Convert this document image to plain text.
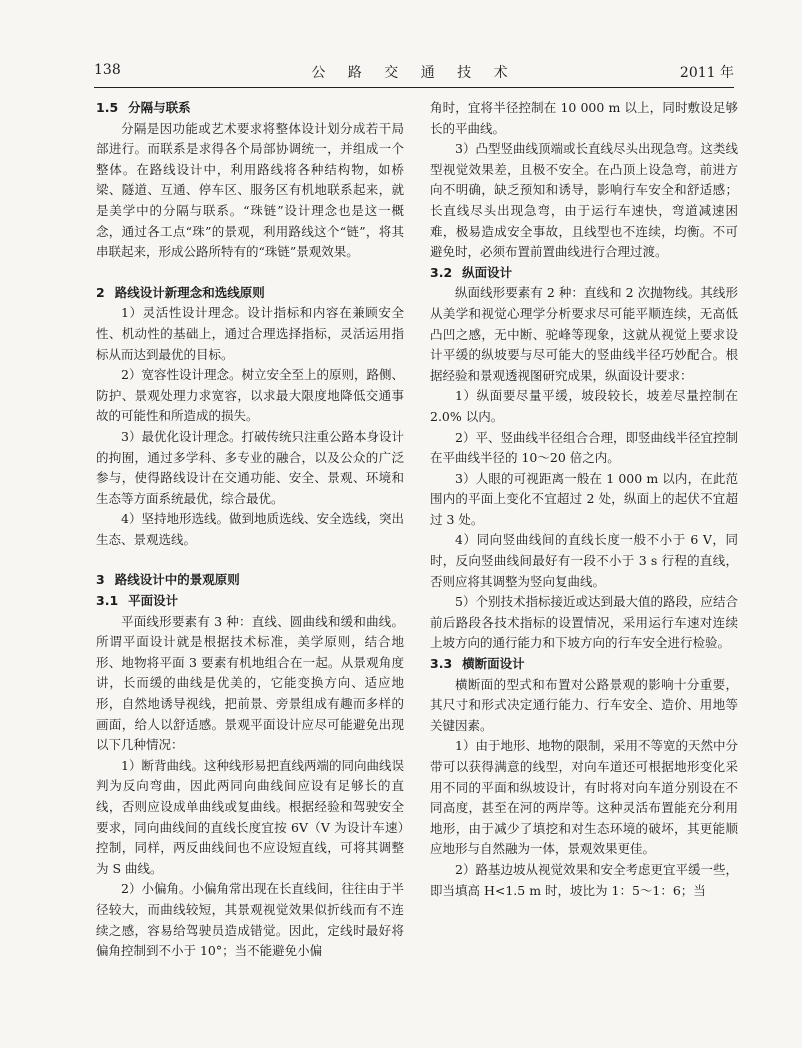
138	公 路 交 通 技 术	2011 年
1.5 分隔与联系

分隔是因功能或艺术要求将整体设计划分成若干局部进行。而联系是求得各个局部协调统一，并组成一个整体。在路线设计中，利用路线将各种结构物，如桥梁、隧道、互通、停车区、服务区有机地联系起来，就是美学中的分隔与联系。“珠链”设计理念也是这一概念，通过各工点“珠”的景观，利用路线这个“链”，将其串联起来，形成公路所特有的“珠链”景观效果。

2 路线设计新理念和选线原则

1）灵活性设计理念。设计指标和内容在兼顾安全性、机动性的基础上，通过合理选择指标，灵活运用指标从而达到最优的目标。

2）宽容性设计理念。树立安全至上的原则，路侧、防护、景观处理力求宽容，以求最大限度地降低交通事故的可能性和所造成的损失。

3）最优化设计理念。打破传统只注重公路本身设计的拘囿，通过多学科、多专业的融合，以及公众的广泛参与，使得路线设计在交通功能、安全、景观、环境和生态等方面系统最优，综合最优。

4）坚持地形选线。做到地质选线、安全选线，突出生态、景观选线。

3 路线设计中的景观原则
3.1 平面设计

平面线形要素有 3 种：直线、圆曲线和缓和曲线。所谓平面设计就是根据技术标准，美学原则，结合地形、地物将平面 3 要素有机地组合在一起。从景观角度讲，长而缓的曲线是优美的，它能变换方向、适应地形，自然地诱导视线，把前景、旁景组成有趣而多样的画面，给人以舒适感。景观平面设计应尽可能避免出现以下几种情况：

1）断背曲线。这种线形易把直线两端的同向曲线误判为反向弯曲，因此两同向曲线间应设有足够长的直线，否则应设成单曲线或复曲线。根据经验和驾驶安全要求，同向曲线间的直线长度宜按 6V（V 为设计车速）控制，同样，两反曲线间也不应设短直线，可将其调整为 S 曲线。

2）小偏角。小偏角常出现在长直线间，往往由于半径较大，而曲线较短，其景观视觉效果似折线而有不连续之感，容易给驾驶员造成错觉。因此，定线时最好将偏角控制到不小于 10°；当不能避免小偏

角时，宜将半径控制在 10 000 m 以上，同时敷设足够长的平曲线。

3）凸型竖曲线顶端或长直线尽头出现急弯。这类线型视觉效果差，且极不安全。在凸顶上设急弯，前进方向不明确，缺乏预知和诱导，影响行车安全和舒适感；长直线尽头出现急弯，由于运行车速快，弯道减速困难，极易造成安全事故，且线型也不连续，均衡。不可避免时，必须布置前置曲线进行合理过渡。

3.2 纵面设计

纵面线形要素有 2 种：直线和 2 次抛物线。其线形从美学和视觉心理学分析要求尽可能平顺连续，无高低凸凹之感，无中断、驼峰等现象，这就从视觉上要求设计平缓的纵坡要与尽可能大的竖曲线半径巧妙配合。根据经验和景观透视图研究成果，纵面设计要求：

1）纵面要尽量平缓，坡段较长，坡差尽量控制在 2.0% 以内。

2）平、竖曲线半径组合合理，即竖曲线半径宜控制在平曲线半径的 10～20 倍之内。

3）人眼的可视距离一般在 1 000 m 以内，在此范围内的平面上变化不宜超过 2 处，纵面上的起伏不宜超过 3 处。

4）同向竖曲线间的直线长度一般不小于 6 V，同时，反向竖曲线间最好有一段不小于 3 s 行程的直线，否则应将其调整为竖向复曲线。

5）个别技术指标接近或达到最大值的路段，应结合前后路段各技术指标的设置情况，采用运行车速对连续上坡方向的通行能力和下坡方向的行车安全进行检验。

3.3 横断面设计

横断面的型式和布置对公路景观的影响十分重要，其尺寸和形式决定通行能力、行车安全、造价、用地等关键因素。

1）由于地形、地物的限制，采用不等宽的天然中分带可以获得满意的线型，对向车道还可根据地形变化采用不同的平面和纵坡设计，有时将对向车道分别设在不同高度，甚至在河的两岸等。这种灵活布置能充分利用地形，由于减少了填挖和对生态环境的破坏，其更能顺应地形与自然融为一体，景观效果更佳。

2）路基边坡从视觉效果和安全考虑更宜平缓一些，即当填高 H<1.5 m 时，坡比为 1：5～1：6；当
